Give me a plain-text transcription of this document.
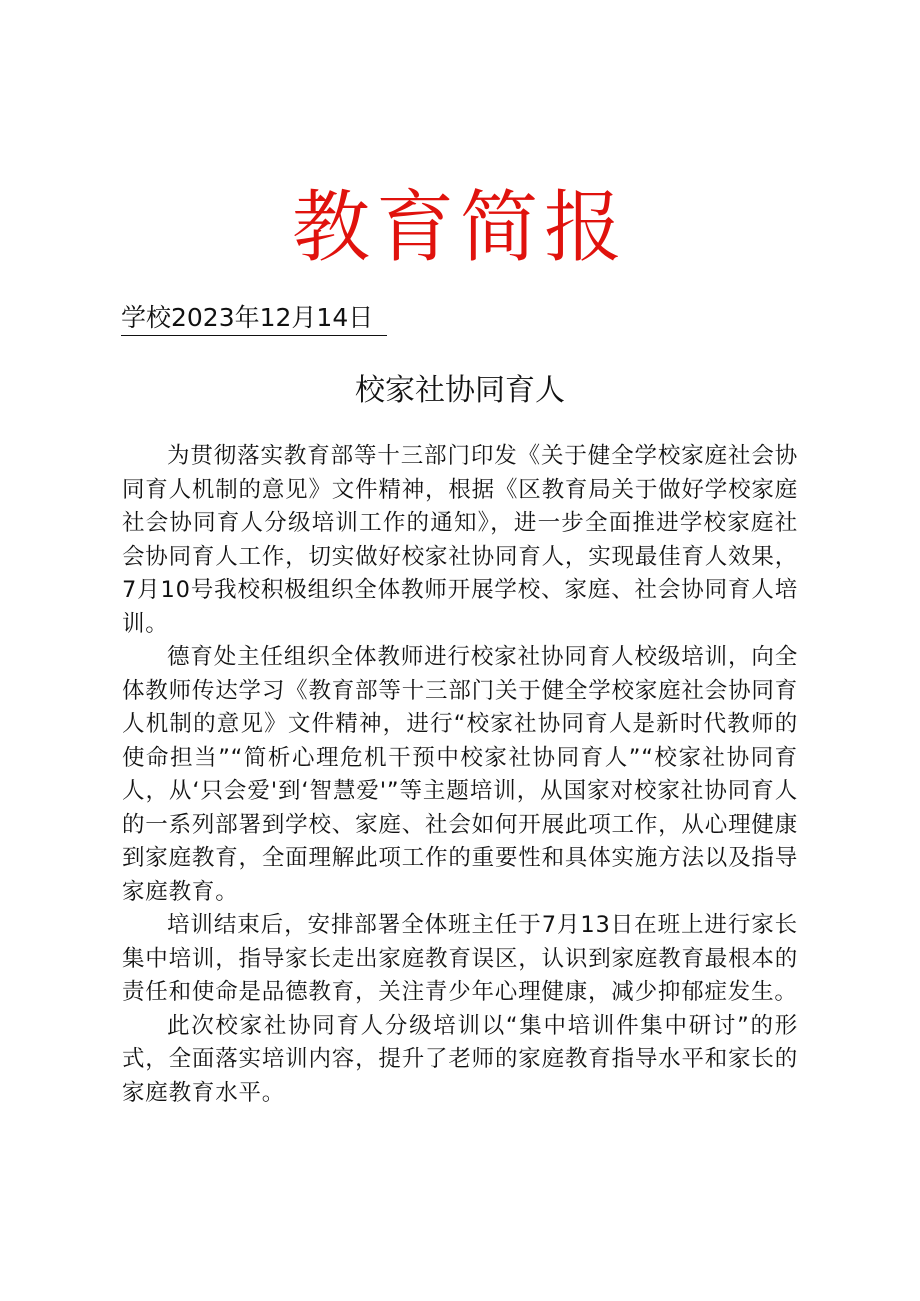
教育简报
学校2023年12月14日
校家社协同育人

为贯彻落实教育部等十三部门印发《关于健全学校家庭社会协同育人机制的意见》文件精神，根据《区教育局关于做好学校家庭社会协同育人分级培训工作的通知》，进一步全面推进学校家庭社会协同育人工作，切实做好校家社协同育人，实现最佳育人效果，7月10号我校积极组织全体教师开展学校、家庭、社会协同育人培训。

德育处主任组织全体教师进行校家社协同育人校级培训，向全体教师传达学习《教育部等十三部门关于健全学校家庭社会协同育人机制的意见》文件精神，进行“校家社协同育人是新时代教师的使命担当”“简析心理危机干预中校家社协同育人”“校家社协同育人，从‘只会爱'到‘智慧爱'”等主题培训，从国家对校家社协同育人的一系列部署到学校、家庭、社会如何开展此项工作，从心理健康到家庭教育，全面理解此项工作的重要性和具体实施方法以及指导家庭教育。

培训结束后，安排部署全体班主任于7月13日在班上进行家长集中培训，指导家长走出家庭教育误区，认识到家庭教育最根本的责任和使命是品德教育，关注青少年心理健康，减少抑郁症发生。

此次校家社协同育人分级培训以“集中培训件集中研讨”的形式，全面落实培训内容，提升了老师的家庭教育指导水平和家长的家庭教育水平。
